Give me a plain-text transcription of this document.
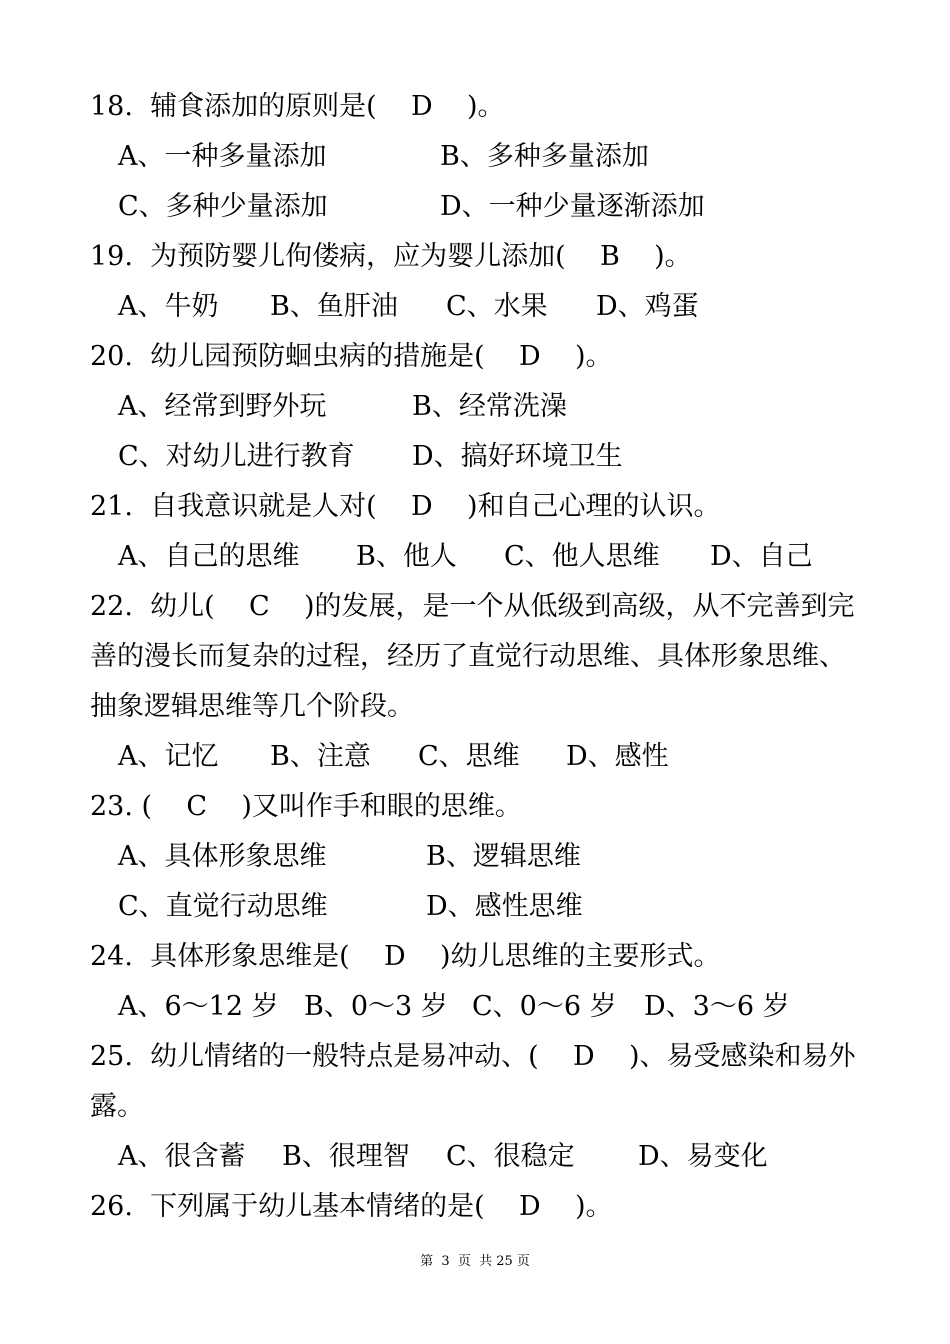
18.  辅食添加的原则是(    D    )。
A、一种多量添加	B、多种多量添加
C、多种少量添加	D、一种少量逐渐添加
19.  为预防婴儿佝偻病，应为婴儿添加(    B    )。
A、牛奶 B、鱼肝油 C、水果 D、鸡蛋
20.  幼儿园预防蛔虫病的措施是(    D    )。
A、经常到野外玩	B、经常洗澡
C、对幼儿进行教育 D、搞好环境卫生
21.  自我意识就是人对(    D    )和自己心理的认识。
A、自己的思维 B、他人 C、他人思维 D、自己
22.  幼儿(    C    )的发展，是一个从低级到高级，从不完善到完
善的漫长而复杂的过程，经历了直觉行动思维、具体形象思维、
抽象逻辑思维等几个阶段。
A、记忆 B、注意 C、思维 D、感性
23. (    C    )又叫作手和眼的思维。
A、具体形象思维	B、逻辑思维
C、直觉行动思维	D、感性思维
24.  具体形象思维是(    D    )幼儿思维的主要形式。
A、6～12 岁 B、0～3 岁 C、0～6 岁 D、3～6 岁
25.  幼儿情绪的一般特点是易冲动、(    D    )、易受感染和易外
露。
A、很含蓄 B、很理智 C、很稳定 D、易变化
26.  下列属于幼儿基本情绪的是(    D    )。
第  3  页  共 25 页
